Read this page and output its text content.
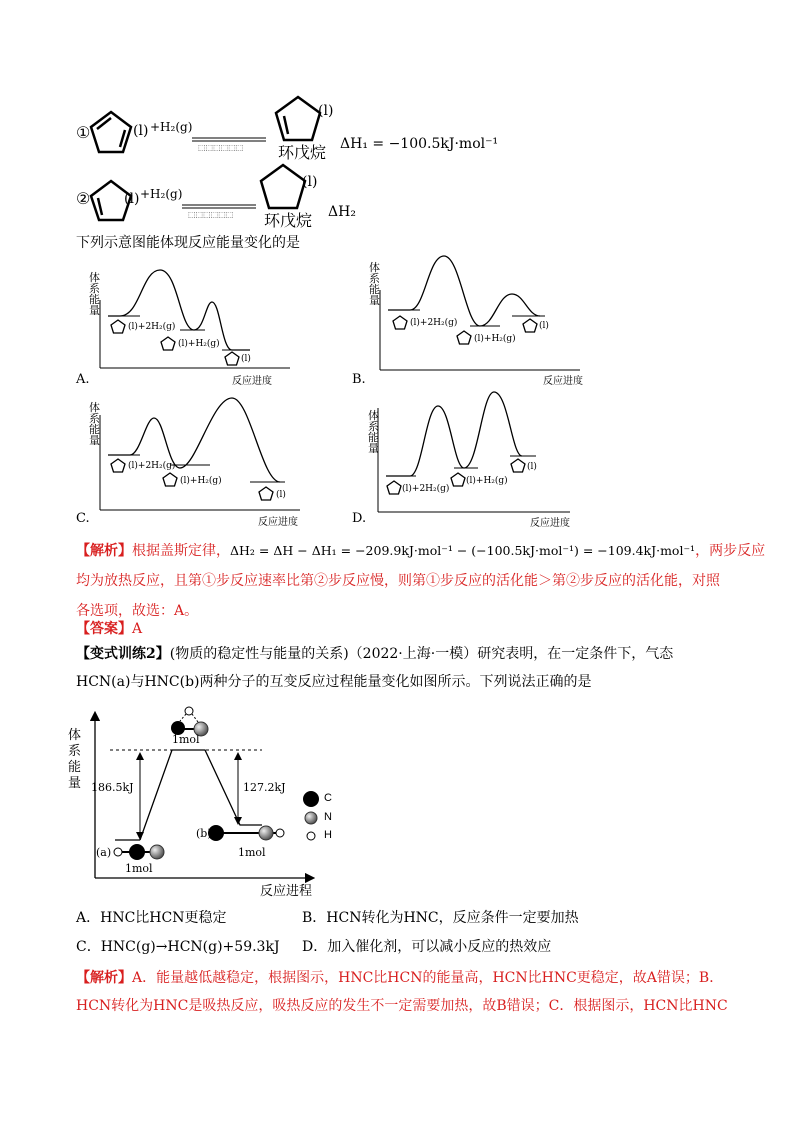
①	(l) +H₂(g)
⬚⬚⬚⬚⬚⬚
(l)
环戊烷 ΔH₁ = −100.5kJ·mol⁻¹
② (l) +H₂(g)
⬚⬚⬚⬚⬚⬚
(l)
环戊烷 ΔH₂
下列示意图能体现反应能量变化的是
体系能量
(l)+2H₂(g)
(l)+H₂(g)
(l)
反应进度
A.
体系能量
(l)+2H₂(g)
(l)+H₂(g)
(l)
反应进度
B.
体系能量
(l)+2H₂(g)
(l)+H₂(g)
(l)
反应进度
C.
体系能量
(l)+2H₂(g)
(l)+H₂(g)
(l)
反应进度
D.
【解析】根据盖斯定律，ΔH₂ = ΔH − ΔH₁ = −209.9kJ·mol⁻¹ − (−100.5kJ·mol⁻¹) = −109.4kJ·mol⁻¹，两步反应
均为放热反应，且第①步反应速率比第②步反应慢，则第①步反应的活化能＞第②步反应的活化能，对照
各选项，故选：A。
【答案】A
【变式训练2】(物质的稳定性与能量的关系)（2022·上海·一模）研究表明，在一定条件下，气态
HCN(a)与HNC(b)两种分子的互变反应过程能量变化如图所示。下列说法正确的是
体系能量
反应进程
1mol
(a)
1mol
(b)
1mol
186.5kJ	127.2kJ
C
N
H
A．HNC比HCN更稳定	B．HCN转化为HNC，反应条件一定要加热
C．HNC(g)→HCN(g)+59.3kJ D．加入催化剂，可以减小反应的热效应
【解析】A．能量越低越稳定，根据图示，HNC比HCN的能量高，HCN比HNC更稳定，故A错误；B．
HCN转化为HNC是吸热反应，吸热反应的发生不一定需要加热，故B错误；C．根据图示，HCN比HNC
